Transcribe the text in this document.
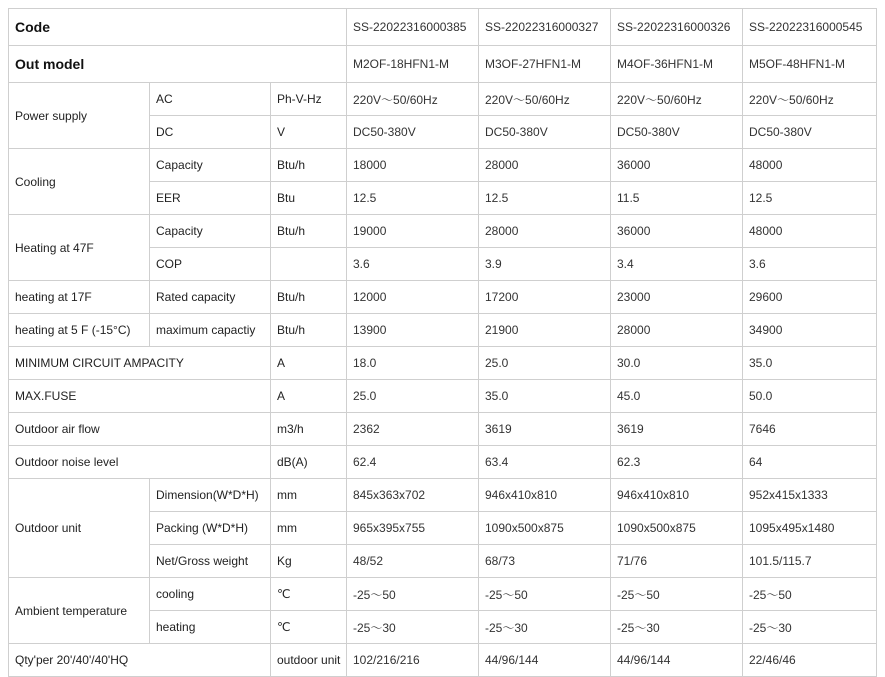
Code			SS-22022316000385	SS-22022316000327	SS-22022316000326	SS-22022316000545
Out model			M2OF-18HFN1-M	M3OF-27HFN1-M	M4OF-36HFN1-M	M5OF-48HFN1-M
Power supply	AC	Ph-V-Hz	220V～50/60Hz	220V～50/60Hz	220V～50/60Hz	220V～50/60Hz
	DC	V	DC50-380V	DC50-380V	DC50-380V	DC50-380V
Cooling	Capacity	Btu/h	18000	28000	36000	48000
	EER	Btu	12.5	12.5	11.5	12.5
Heating at 47F	Capacity	Btu/h	19000	28000	36000	48000
	COP		3.6	3.9	3.4	3.6
heating at 17F	Rated capacity	Btu/h	12000	17200	23000	29600
heating at 5 F (-15°C)	maximum capactiy	Btu/h	13900	21900	28000	34900
MINIMUM CIRCUIT AMPACITY		A	18.0	25.0	30.0	35.0
MAX.FUSE		A	25.0	35.0	45.0	50.0
Outdoor air flow		m3/h	2362	3619	3619	7646
Outdoor noise level		dB(A)	62.4	63.4	62.3	64
Outdoor unit	Dimension(W*D*H)	mm	845x363x702	946x410x810	946x410x810	952x415x1333
	Packing (W*D*H)	mm	965x395x755	1090x500x875	1090x500x875	1095x495x1480
	Net/Gross weight	Kg	48/52	68/73	71/76	101.5/115.7
Ambient temperature	cooling	℃	-25～50	-25～50	-25～50	-25～50
	heating	℃	-25～30	-25～30	-25～30	-25～30
Qty'per 20'/40'/40'HQ		outdoor unit	102/216/216	44/96/144	44/96/144	22/46/46
